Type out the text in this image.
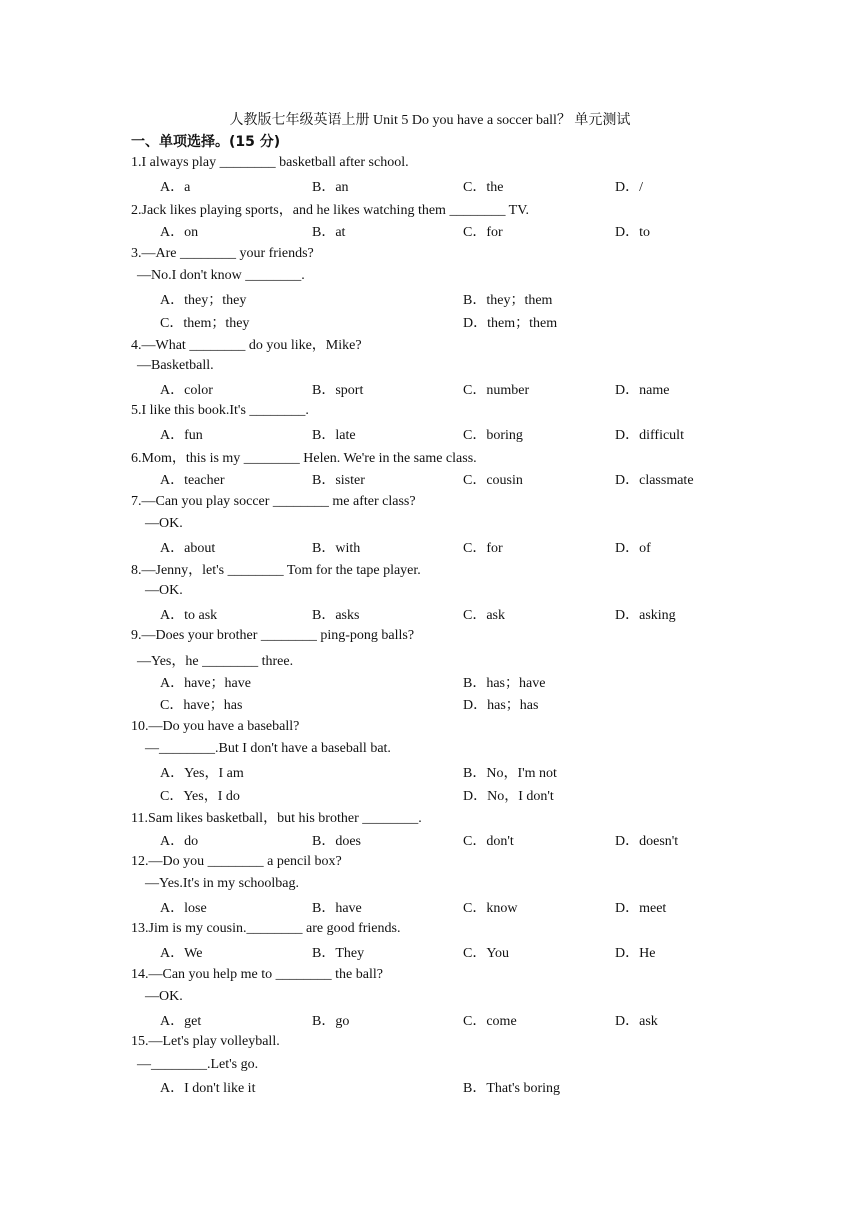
人教版七年级英语上册 Unit 5 Do you have a soccer ball？ 单元测试
一、单项选择。(15 分)
1.I always play ________ basketball after school.
A．a	B．an	C．the	D．/
2.Jack likes playing sports，and he likes watching them ________ TV.
A．on	B．at	C．for	D．to
3.—Are ________ your friends?
—No.I don't know ________.
A．they；they	B．they；them
C．them；they	D．them；them
4.—What ________ do you like，Mike?
—Basketball.
A．color	B．sport	C．number	D．name
5.I like this book.It's ________.
A．fun	B．late	C．boring	D．difficult
6.Mom，this is my ________ Helen. We're in the same class.
A．teacher	B．sister	C．cousin	D．classmate
7.—Can you play soccer ________ me after class?
—OK.
A．about	B．with	C．for	D．of
8.—Jenny，let's ________ Tom for the tape player.
—OK.
A．to ask	B．asks	C．ask	D．asking
9.—Does your brother ________ ping-pong balls?
—Yes，he ________ three.
A．have；have	B．has；have
C．have；has	D．has；has
10.—Do you have a baseball?
—________.But I don't have a baseball bat.
A．Yes，I am	B．No，I'm not
C．Yes，I do	D．No，I don't
11.Sam likes basketball，but his brother ________.
A．do	B．does	C．don't	D．doesn't
12.—Do you ________ a pencil box?
—Yes.It's in my schoolbag.
A．lose	B．have	C．know	D．meet
13.Jim is my cousin.________ are good friends.
A．We	B．They	C．You	D．He
14.—Can you help me to ________ the ball?
—OK.
A．get	B．go	C．come	D．ask
15.—Let's play volleyball.
—________.Let's go.
A．I don't like it	B．That's boring
